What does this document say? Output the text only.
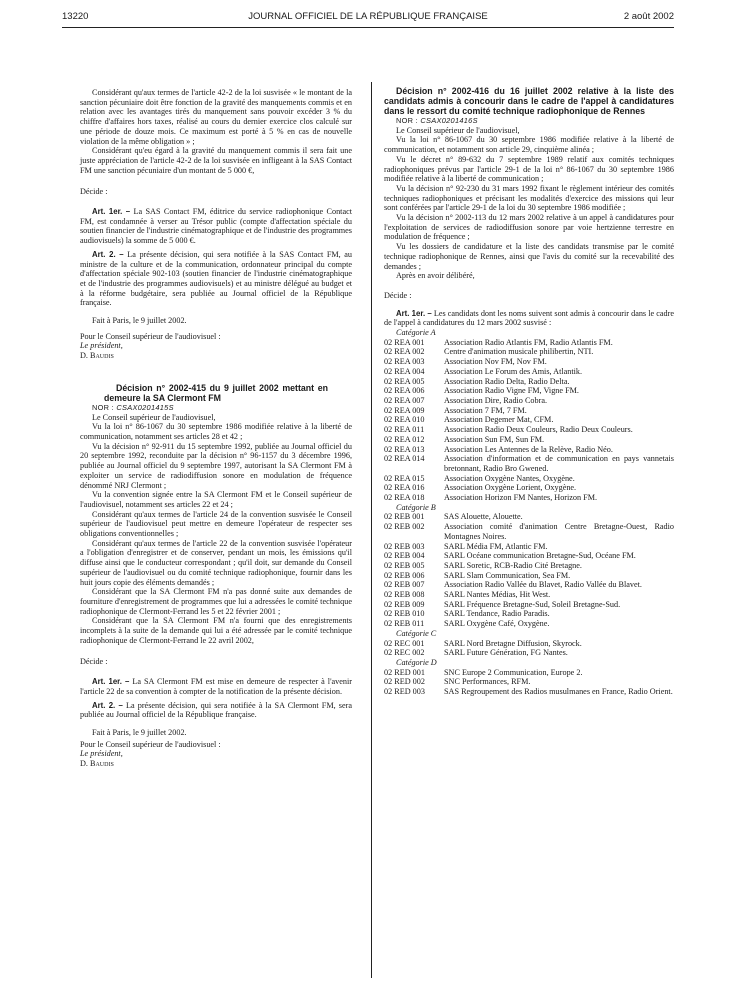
13220	JOURNAL OFFICIEL DE LA RÉPUBLIQUE FRANÇAISE	2 août 2002

Considérant qu'aux termes de l'article 42-2 de la loi susvisée « le montant de la sanction pécuniaire doit être fonction de la gravité des manquements commis et en relation avec les avantages tirés du manquement sans pouvoir excéder 3 % du chiffre d'affaires hors taxes, réalisé au cours du dernier exercice clos calculé sur une période de douze mois. Ce maximum est porté à 5 % en cas de nouvelle violation de la même obligation » ;

Considérant qu'eu égard à la gravité du manquement commis il sera fait une juste appréciation de l'article 42-2 de la loi susvisée en infligeant à la SAS Contact FM une sanction pécuniaire d'un montant de 5 000 €,

Décide :

Art. 1er. – La SAS Contact FM, éditrice du service radiophonique Contact FM, est condamnée à verser au Trésor public (compte d'affectation spéciale du soutien financier de l'industrie cinématographique et de l'industrie des programmes audiovisuels) la somme de 5 000 €.

Art. 2. – La présente décision, qui sera notifiée à la SAS Contact FM, au ministre de la culture et de la communication, ordonnateur principal du compte d'affectation spéciale 902-103 (soutien financier de l'industrie cinématographique et de l'industrie des programmes audiovisuels) et au ministre délégué au budget et à la réforme budgétaire, sera publiée au Journal officiel de la République française.

Fait à Paris, le 9 juillet 2002.

Pour le Conseil supérieur de l'audiovisuel :

Le président,

D. Baudis

Décision n° 2002-415 du 9 juillet 2002 mettant en demeure la SA Clermont FM

NOR : CSAX0201415S

Le Conseil supérieur de l'audiovisuel,

Vu la loi n° 86-1067 du 30 septembre 1986 modifiée relative à la liberté de communication, notamment ses articles 28 et 42 ;

Vu la décision n° 92-911 du 15 septembre 1992, publiée au Journal officiel du 20 septembre 1992, reconduite par la décision n° 96-1157 du 3 décembre 1996, publiée au Journal officiel du 9 septembre 1997, autorisant la SA Clermont FM à exploiter un service de radiodiffusion sonore en modulation de fréquence dénommé NRJ Clermont ;

Vu la convention signée entre la SA Clermont FM et le Conseil supérieur de l'audiovisuel, notamment ses articles 22 et 24 ;

Considérant qu'aux termes de l'article 24 de la convention susvisée le Conseil supérieur de l'audiovisuel peut mettre en demeure l'opérateur de respecter ses obligations conventionnelles ;

Considérant qu'aux termes de l'article 22 de la convention susvisée l'opérateur a l'obligation d'enregistrer et de conserver, pendant un mois, les émissions qu'il diffuse ainsi que le conducteur correspondant ; qu'il doit, sur demande du Conseil supérieur de l'audiovisuel ou du comité technique radiophonique, fournir dans les huit jours copie des éléments demandés ;

Considérant que la SA Clermont FM n'a pas donné suite aux demandes de fourniture d'enregistrement de programmes que lui a adressées le comité technique radiophonique de Clermont-Ferrand les 5 et 22 février 2001 ;

Considérant que la SA Clermont FM n'a fourni que des enregistrements incomplets à la suite de la demande qui lui a été adressée par le comité technique radiophonique de Clermont-Ferrand le 22 avril 2002,

Décide :

Art. 1er. – La SA Clermont FM est mise en demeure de respecter à l'avenir l'article 22 de sa convention à compter de la notification de la présente décision.

Art. 2. – La présente décision, qui sera notifiée à la SA Clermont FM, sera publiée au Journal officiel de la République française.

Fait à Paris, le 9 juillet 2002.

Pour le Conseil supérieur de l'audiovisuel :

Le président,

D. Baudis

Décision n° 2002-416 du 16 juillet 2002 relative à la liste des candidats admis à concourir dans le cadre de l'appel à candidatures dans le ressort du comité technique radiophonique de Rennes

NOR : CSAX0201416S

Le Conseil supérieur de l'audiovisuel,

Vu la loi n° 86-1067 du 30 septembre 1986 modifiée relative à la liberté de communication, et notamment son article 29, cinquième alinéa ;

Vu le décret n° 89-632 du 7 septembre 1989 relatif aux comités techniques radiophoniques prévus par l'article 29-1 de la loi n° 86-1067 du 30 septembre 1986 modifiée relative à la liberté de communication ;

Vu la décision n° 92-230 du 31 mars 1992 fixant le règlement intérieur des comités techniques radiophoniques et précisant les modalités d'exercice des missions qui leur sont conférées par l'article 29-1 de la loi du 30 septembre 1986 modifiée ;

Vu la décision n° 2002-113 du 12 mars 2002 relative à un appel à candidatures pour l'exploitation de services de radiodiffusion sonore par voie hertzienne terrestre en modulation de fréquence ;

Vu les dossiers de candidature et la liste des candidats transmise par le comité technique radiophonique de Rennes, ainsi que l'avis du comité sur la recevabilité des demandes ;

Après en avoir délibéré,

Décide :

Art. 1er. – Les candidats dont les noms suivent sont admis à concourir dans le cadre de l'appel à candidatures du 12 mars 2002 susvisé :

Catégorie A

02 REA 001	Association Radio Atlantis FM, Radio Atlantis FM.
02 REA 002	Centre d'animation musicale philibertin, NTI.
02 REA 003	Association Nov FM, Nov FM.
02 REA 004	Association Le Forum des Amis, Atlantik.
02 REA 005	Association Radio Delta, Radio Delta.
02 REA 006	Association Radio Vigne FM, Vigne FM.
02 REA 007	Association Dire, Radio Cobra.
02 REA 009	Association 7 FM, 7 FM.
02 REA 010	Association Degemer Mat, CFM.
02 REA 011	Association Radio Deux Couleurs, Radio Deux Couleurs.
02 REA 012	Association Sun FM, Sun FM.
02 REA 013	Association Les Antennes de la Relève, Radio Néo.
02 REA 014	Association d'information et de communication en pays vannetais bretonnant, Radio Bro Gwened.
02 REA 015	Association Oxygène Nantes, Oxygène.
02 REA 016	Association Oxygène Lorient, Oxygène.
02 REA 018	Association Horizon FM Nantes, Horizon FM.

Catégorie B

02 REB 001	SAS Alouette, Alouette.
02 REB 002	Association comité d'animation Centre Bretagne-Ouest, Radio Montagnes Noires.
02 REB 003	SARL Média FM, Atlantic FM.
02 REB 004	SARL Océane communication Bretagne-Sud, Océane FM.
02 REB 005	SARL Soretic, RCB-Radio Cité Bretagne.
02 REB 006	SARL Slam Communication, Sea FM.
02 REB 007	Association Radio Vallée du Blavet, Radio Vallée du Blavet.
02 REB 008	SARL Nantes Médias, Hit West.
02 REB 009	SARL Fréquence Bretagne-Sud, Soleil Bretagne-Sud.
02 REB 010	SARL Tendance, Radio Paradis.
02 REB 011	SARL Oxygène Café, Oxygène.

Catégorie C

02 REC 001	SARL Nord Bretagne Diffusion, Skyrock.
02 REC 002	SARL Future Génération, FG Nantes.

Catégorie D

02 RED 001	SNC Europe 2 Communication, Europe 2.
02 RED 002	SNC Performances, RFM.
02 RED 003	SAS Regroupement des Radios musulmanes en France, Radio Orient.
